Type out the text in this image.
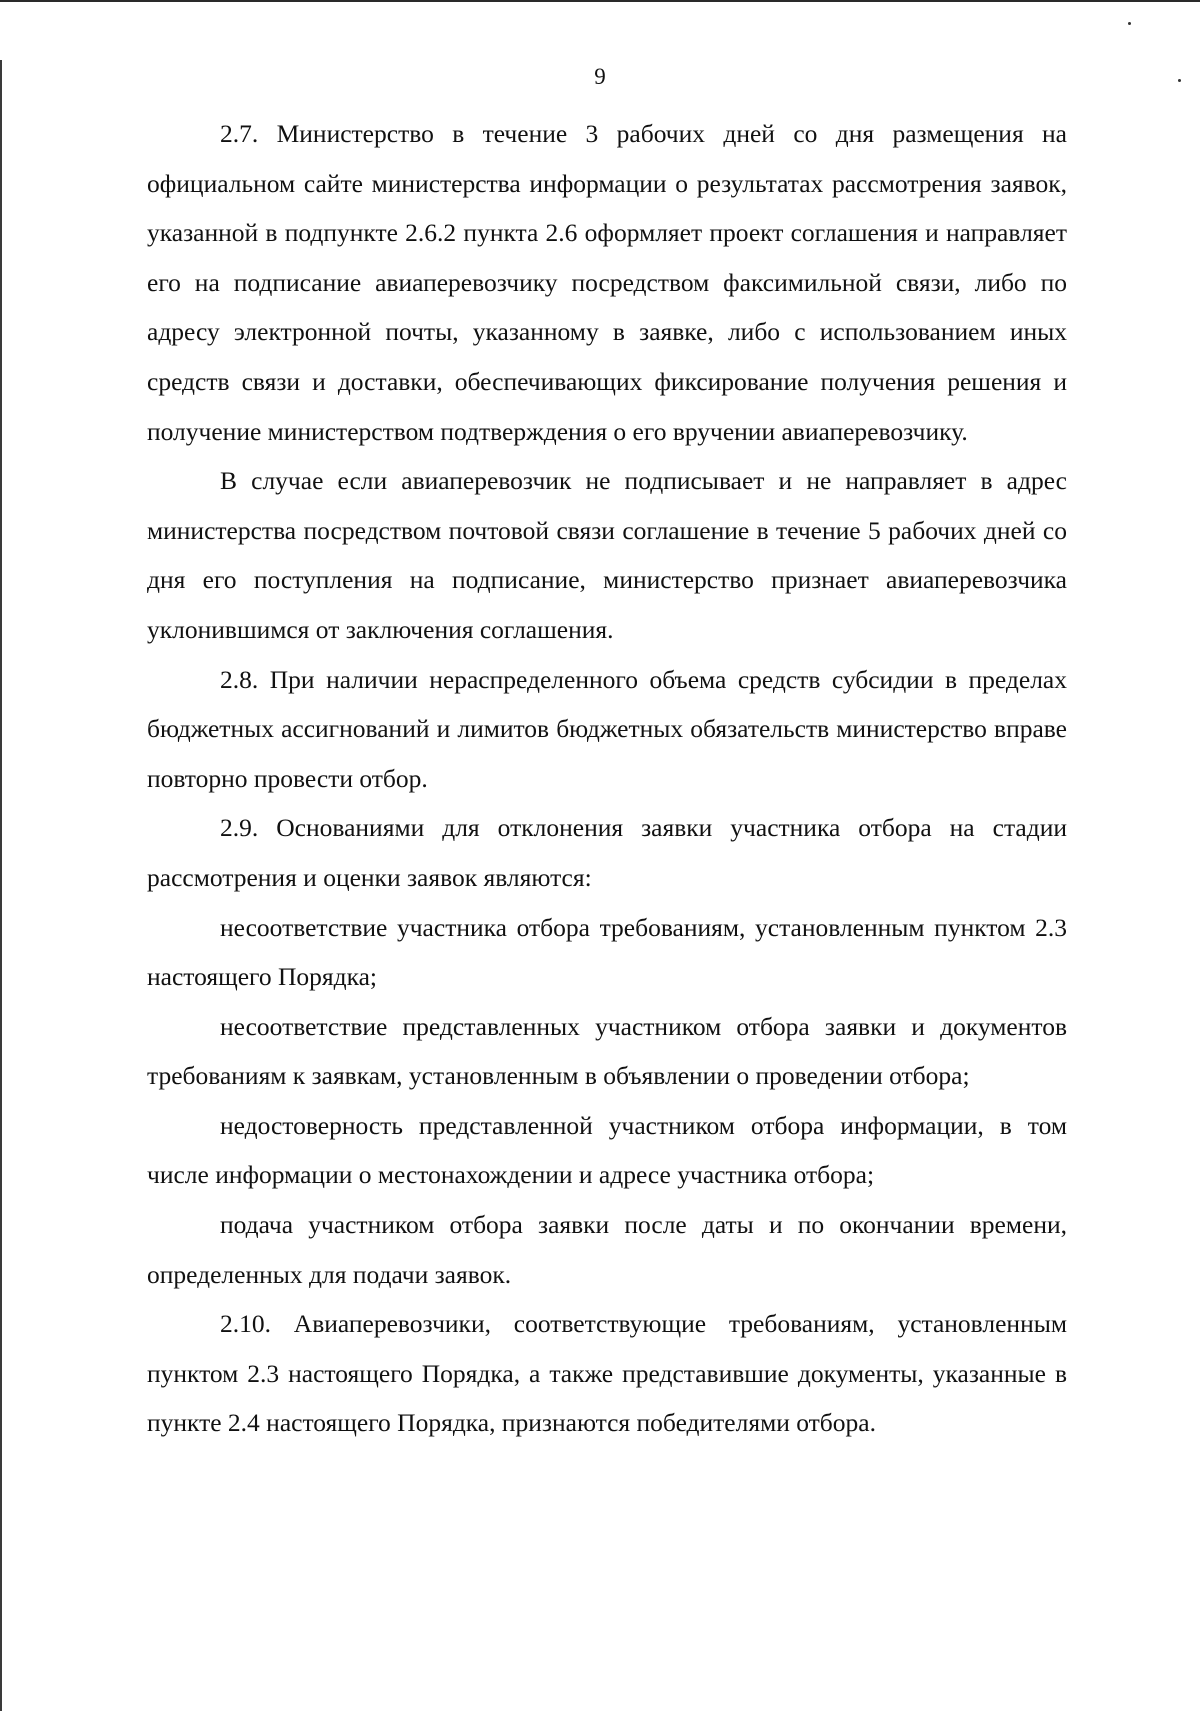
9

2.7. Министерство в течение 3 рабочих дней со дня размещения на официальном сайте министерства информации о результатах рассмотрения заявок, указанной в подпункте 2.6.2 пункта 2.6 оформляет проект соглашения и направляет его на подписание авиаперевозчику посредством факсимильной связи, либо по адресу электронной почты, указанному в заявке, либо с использованием иных средств связи и доставки, обеспечивающих фиксирование получения решения и получение министерством подтверждения о его вручении авиаперевозчику.

В случае если авиаперевозчик не подписывает и не направляет в адрес министерства посредством почтовой связи соглашение в течение 5 рабочих дней со дня его поступления на подписание, министерство признает авиаперевозчика уклонившимся от заключения соглашения.

2.8. При наличии нераспределенного объема средств субсидии в пределах бюджетных ассигнований и лимитов бюджетных обязательств министерство вправе повторно провести отбор.

2.9. Основаниями для отклонения заявки участника отбора на стадии рассмотрения и оценки заявок являются:

несоответствие участника отбора требованиям, установленным пунктом 2.3 настоящего Порядка;

несоответствие представленных участником отбора заявки и документов требованиям к заявкам, установленным в объявлении о проведении отбора;

недостоверность представленной участником отбора информации, в том числе информации о местонахождении и адресе участника отбора;

подача участником отбора заявки после даты и по окончании времени, определенных для подачи заявок.

2.10. Авиаперевозчики, соответствующие требованиям, установленным пунктом 2.3 настоящего Порядка, а также представившие документы, указанные в пункте 2.4 настоящего Порядка, признаются победителями отбора.
